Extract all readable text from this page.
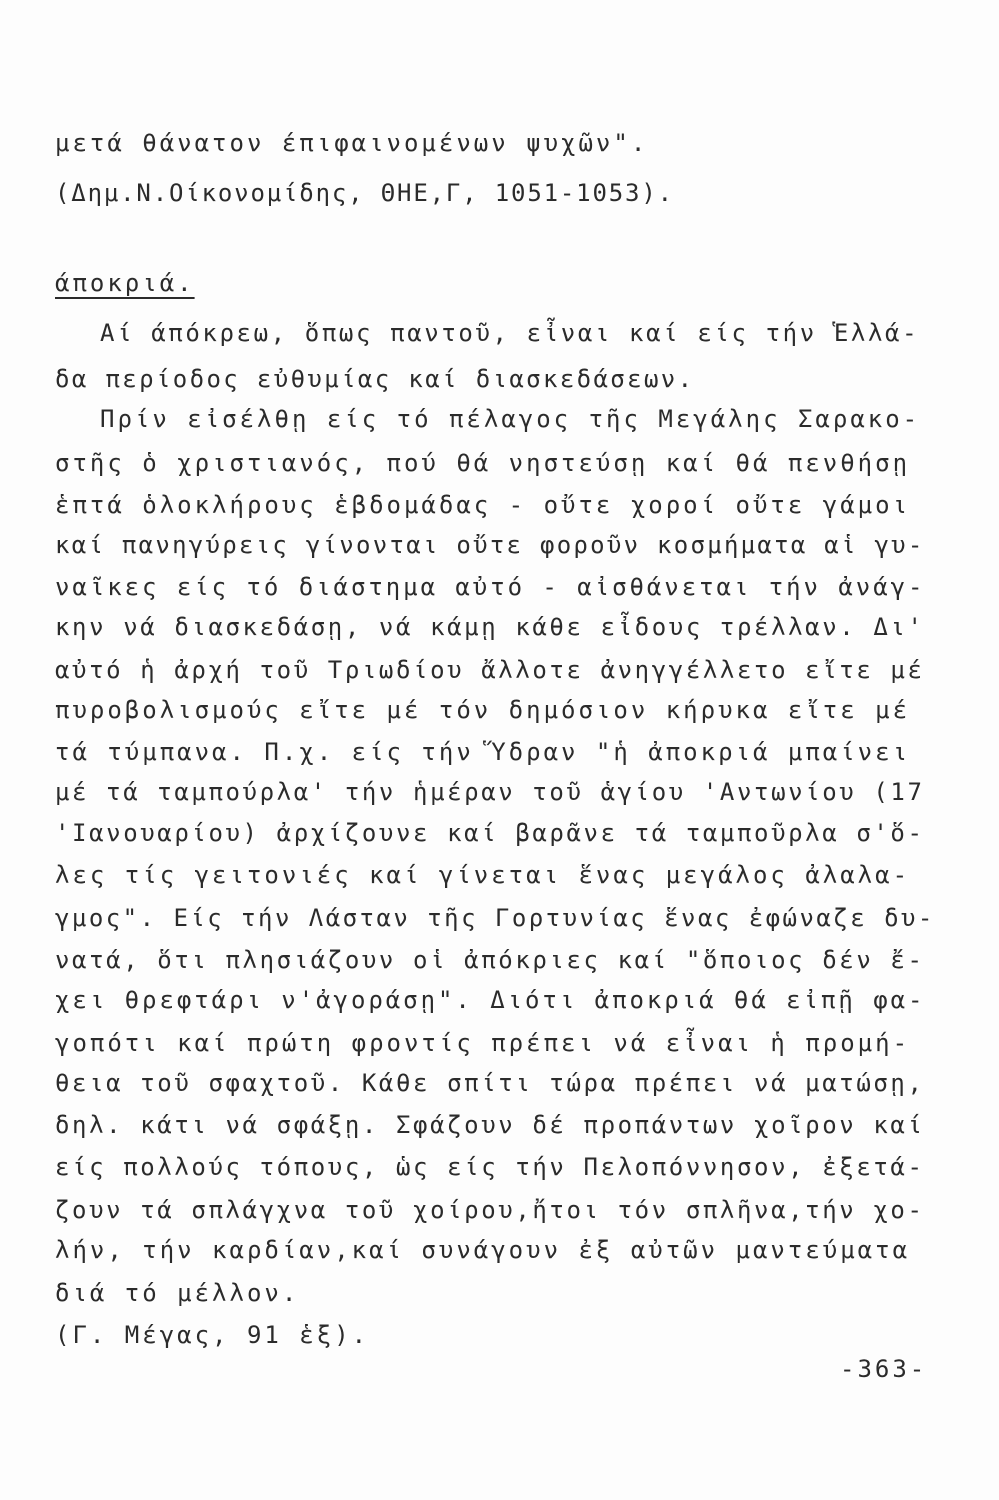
μετά θάνατον έπιφαινομένων ψυχῶν".
(Δημ.Ν.Οίκονομίδης, ΘΗΕ,Γ, 1051-1053).
άποκριά.
Αί άπόκρεω, ὅπως παντοῦ, εἶναι καί είς τήν Ἑλλά-
δα περίοδος εὐθυμίας καί διασκεδάσεων.
Πρίν εἰσέλθῃ είς τό πέλαγος τῆς Μεγάλης Σαρακο-
στῆς ὁ χριστιανός, πού θά νηστεύσῃ καί θά πενθήσῃ
ἑπτά ὁλοκλήρους ἑβδομάδας - οὔτε χοροί οὔτε γάμοι
καί πανηγύρεις γίνονται οὔτε φοροῦν κοσμήματα αἱ γυ-
ναῖκες είς τό διάστημα αὐτό - αἰσθάνεται τήν ἀνάγ-
κην νά διασκεδάσῃ, νά κάμῃ κάθε εἶδους τρέλλαν. Δι'
αὐτό ἡ ἀρχή τοῦ Τριωδίου ἄλλοτε ἀνηγγέλλετο εἴτε μέ
πυροβολισμούς εἴτε μέ τόν δημόσιον κήρυκα εἴτε μέ
τά τύμπανα. Π.χ. είς τήν Ὕδραν "ἡ ἀποκριά μπαίνει
μέ τά ταμπούρλα' τήν ἡμέραν τοῦ ἁγίου 'Αντωνίου (17
'Ιανουαρίου) ἀρχίζουνε καί βαρᾶνε τά ταμποῦρλα σ'ὅ-
λες τίς γειτονιές καί γίνεται ἕνας μεγάλος ἀλαλα-
γμος". Είς τήν Λάσταν τῆς Γορτυνίας ἕνας ἐφώναζε δυ-
νατά, ὅτι πλησιάζουν οἱ ἀπόκριες καί "ὅποιος δέν ἔ-
χει θρεφτάρι ν'ἀγοράσῃ". Διότι ἀποκριά θά εἰπῇ φα-
γοπότι καί πρώτη φροντίς πρέπει νά εἶναι ἡ προμή-
θεια τοῦ σφαχτοῦ. Κάθε σπίτι τώρα πρέπει νά ματώσῃ,
δηλ. κάτι νά σφάξῃ. Σφάζουν δέ προπάντων χοῖρον καί
είς πολλούς τόπους, ὡς είς τήν Πελοπόννησον, ἐξετά-
ζουν τά σπλάγχνα τοῦ χοίρου,ἤτοι τόν σπλῆνα,τήν χο-
λήν, τήν καρδίαν,καί συνάγουν ἐξ αὐτῶν μαντεύματα
διά τό μέλλον.
(Γ. Μέγας, 91 ἑξ).
-363-
